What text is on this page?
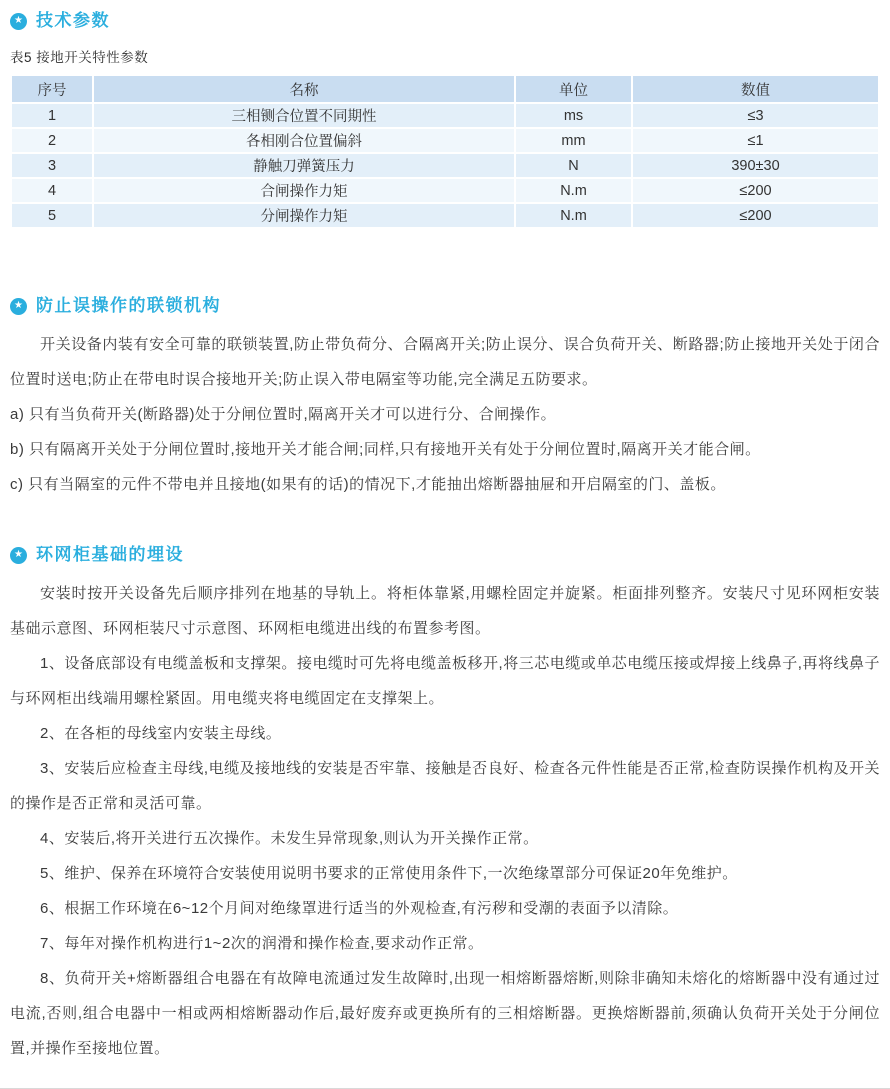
★ 技术参数

表5 接地开关特性参数

序号	名称	单位	数值
1	三相铡合位置不同期性	ms	≤3
2	各相刚合位置偏斜	mm	≤1
3	静触刀弹簧压力	N	390±30
4	合闸操作力矩	N.m	≤200
5	分闸操作力矩	N.m	≤200
★ 防止误操作的联锁机构

开关设备内装有安全可靠的联锁装置,防止带负荷分、合隔离开关;防止误分、误合负荷开关、断路器;防止接地开关处于闭合位置时送电;防止在带电时误合接地开关;防止误入带电隔室等功能,完全满足五防要求。

a) 只有当负荷开关(断路器)处于分闸位置时,隔离开关才可以进行分、合闸操作。

b) 只有隔离开关处于分闸位置时,接地开关才能合闸;同样,只有接地开关有处于分闸位置时,隔离开关才能合闸。

c) 只有当隔室的元件不带电并且接地(如果有的话)的情况下,才能抽出熔断器抽屉和开启隔室的门、盖板。

★ 环网柜基础的埋设

安装时按开关设备先后顺序排列在地基的导轨上。将柜体靠紧,用螺栓固定并旋紧。柜面排列整齐。安装尺寸见环网柜安装基础示意图、环网柜装尺寸示意图、环网柜电缆进出线的布置参考图。

1、设备底部设有电缆盖板和支撑架。接电缆时可先将电缆盖板移开,将三芯电缆或单芯电缆压接或焊接上线鼻子,再将线鼻子与环网柜出线端用螺栓紧固。用电缆夹将电缆固定在支撑架上。

2、在各柜的母线室内安装主母线。

3、安装后应检查主母线,电缆及接地线的安装是否牢靠、接触是否良好、检查各元件性能是否正常,检查防误操作机构及开关的操作是否正常和灵活可靠。

4、安装后,将开关进行五次操作。未发生异常现象,则认为开关操作正常。

5、维护、保养在环境符合安装使用说明书要求的正常使用条件下,一次绝缘罩部分可保证20年免维护。

6、根据工作环境在6~12个月间对绝缘罩进行适当的外观检查,有污秽和受潮的表面予以清除。

7、每年对操作机构进行1~2次的润滑和操作检查,要求动作正常。

8、负荷开关+熔断器组合电器在有故障电流通过发生故障时,出现一相熔断器熔断,则除非确知未熔化的熔断器中没有通过过电流,否则,组合电器中一相或两相熔断器动作后,最好废弃或更换所有的三相熔断器。更换熔断器前,须确认负荷开关处于分闸位置,并操作至接地位置。
